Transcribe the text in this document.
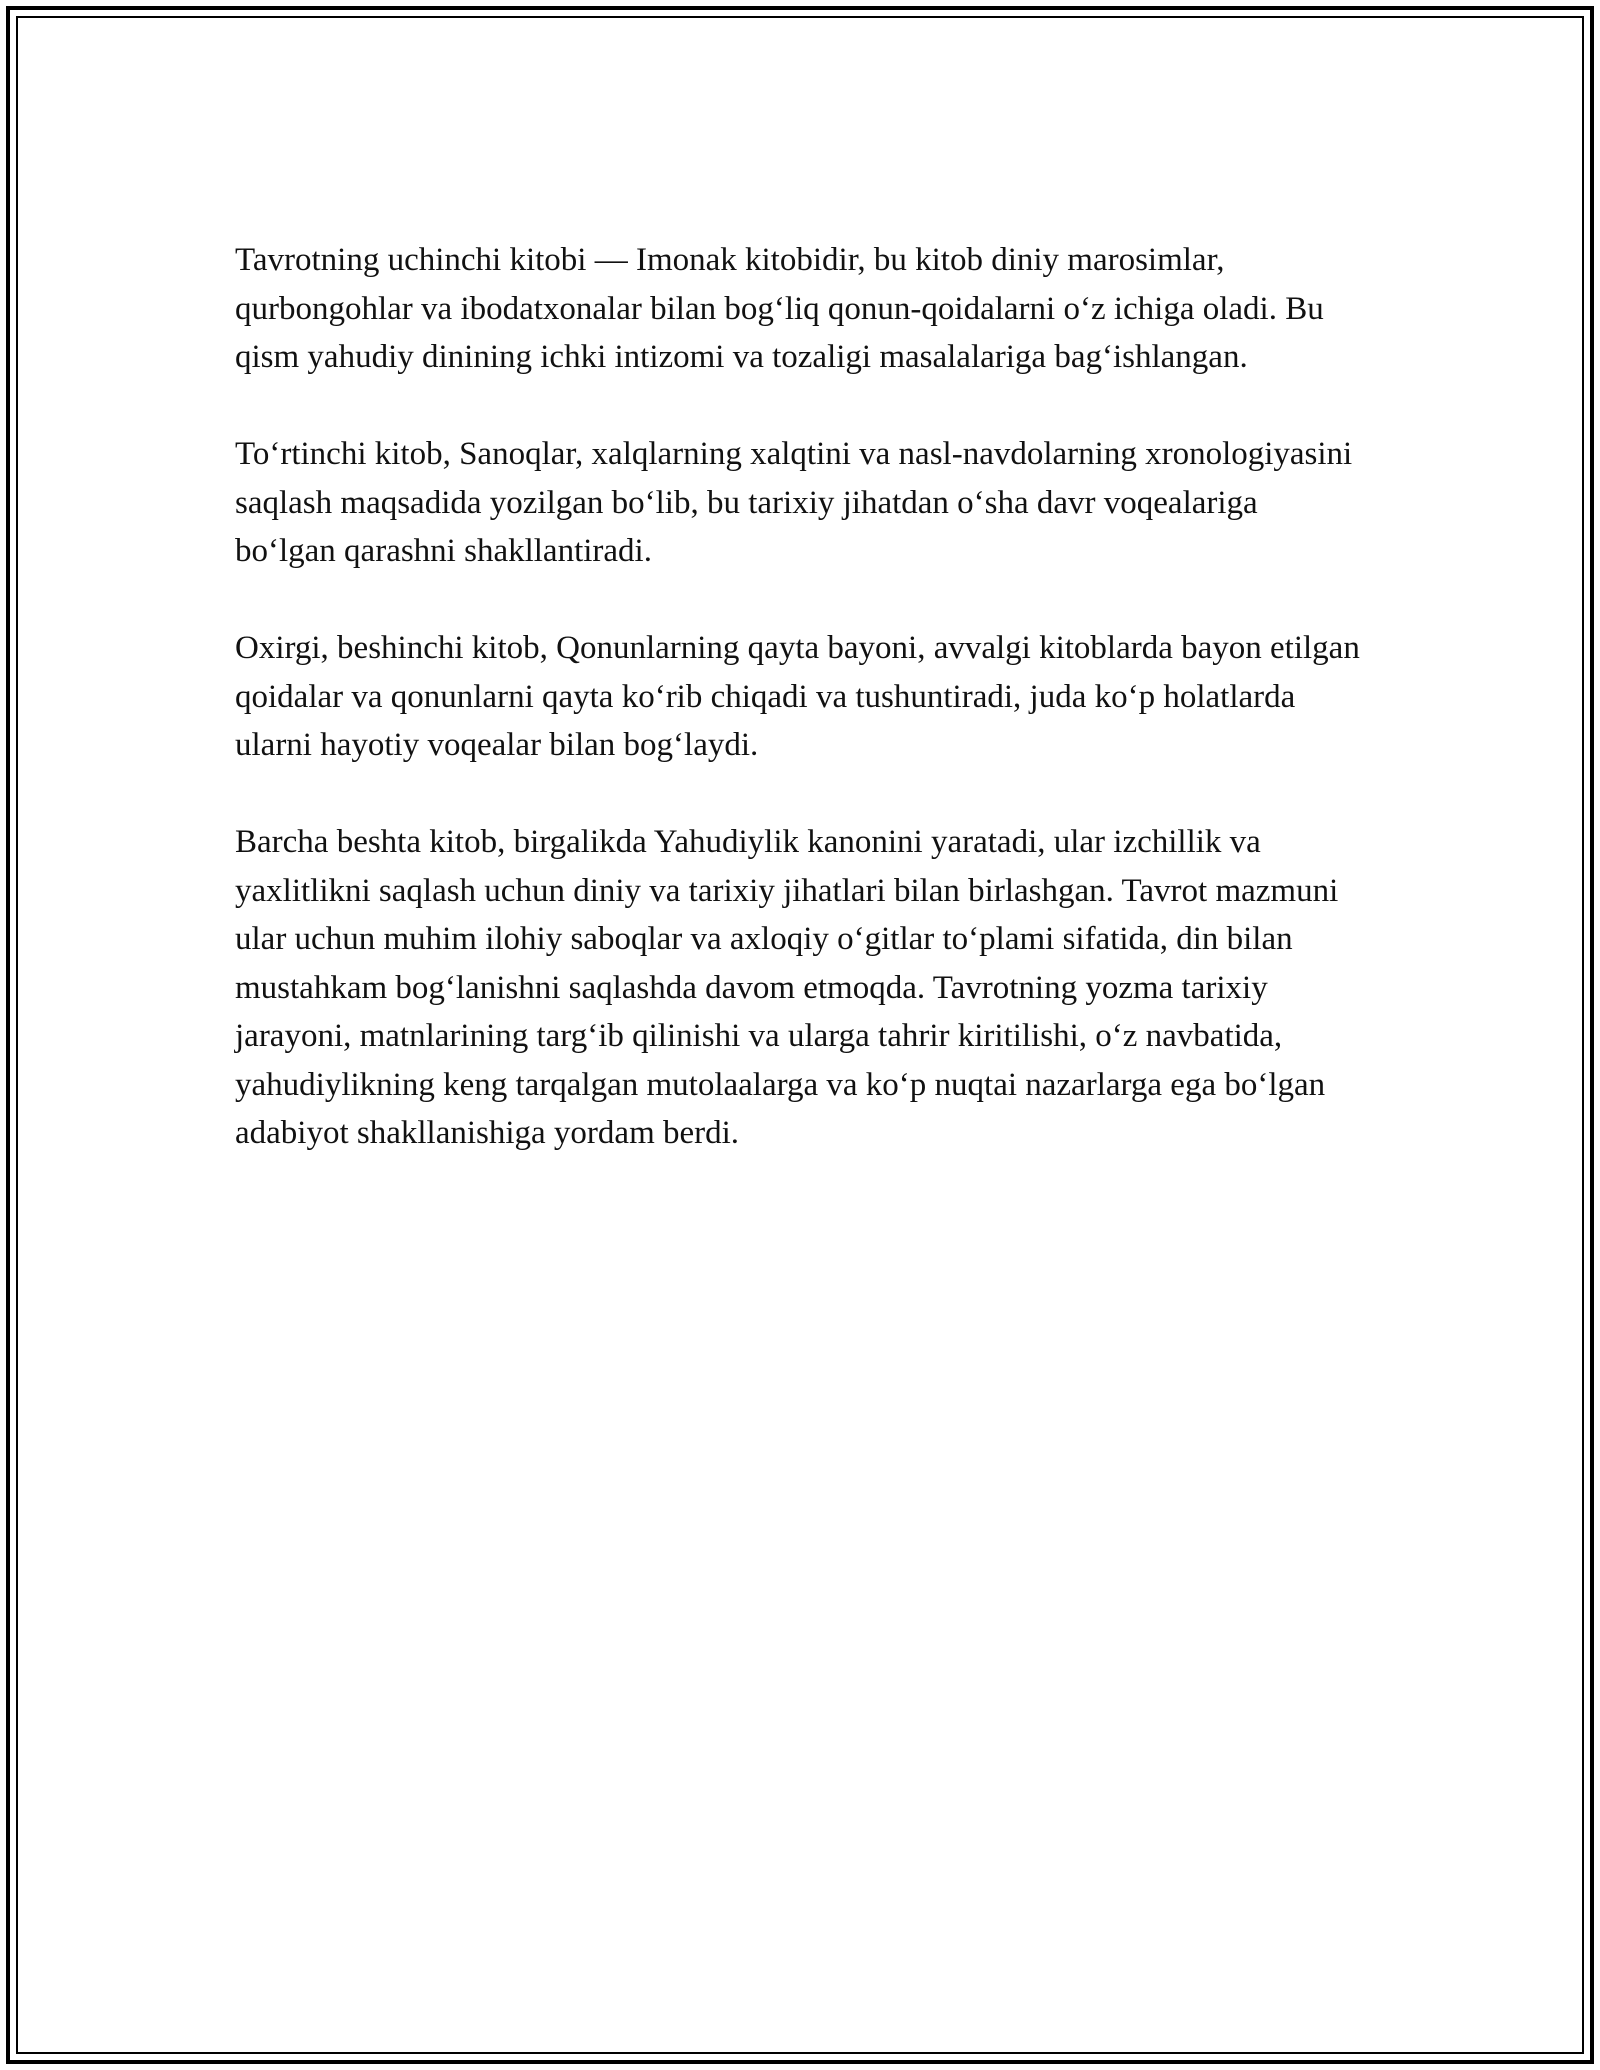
Tavrotning uchinchi kitobi — Imonak kitobidir, bu kitob diniy marosimlar, qurbongohlar va ibodatxonalar bilan bog‘liq qonun-qoidalarni o‘z ichiga oladi. Bu qism yahudiy dinining ichki intizomi va tozaligi masalalariga bag‘ishlangan.

To‘rtinchi kitob, Sanoqlar, xalqlarning xalqtini va nasl-navdolarning xronologiyasini saqlash maqsadida yozilgan bo‘lib, bu tarixiy jihatdan o‘sha davr voqealariga bo‘lgan qarashni shakllantiradi.

Oxirgi, beshinchi kitob, Qonunlarning qayta bayoni, avvalgi kitoblarda bayon etilgan qoidalar va qonunlarni qayta ko‘rib chiqadi va tushuntiradi, juda ko‘p holatlarda ularni hayotiy voqealar bilan bog‘laydi.

Barcha beshta kitob, birgalikda Yahudiylik kanonini yaratadi, ular izchillik va yaxlitlikni saqlash uchun diniy va tarixiy jihatlari bilan birlashgan. Tavrot mazmuni ular uchun muhim ilohiy saboqlar va axloqiy o‘gitlar to‘plami sifatida, din bilan mustahkam bog‘lanishni saqlashda davom etmoqda. Tavrotning yozma tarixiy jarayoni, matnlarining targ‘ib qilinishi va ularga tahrir kiritilishi, o‘z navbatida, yahudiylikning keng tarqalgan mutolaalarga va ko‘p nuqtai nazarlarga ega bo‘lgan adabiyot shakllanishiga yordam berdi.
